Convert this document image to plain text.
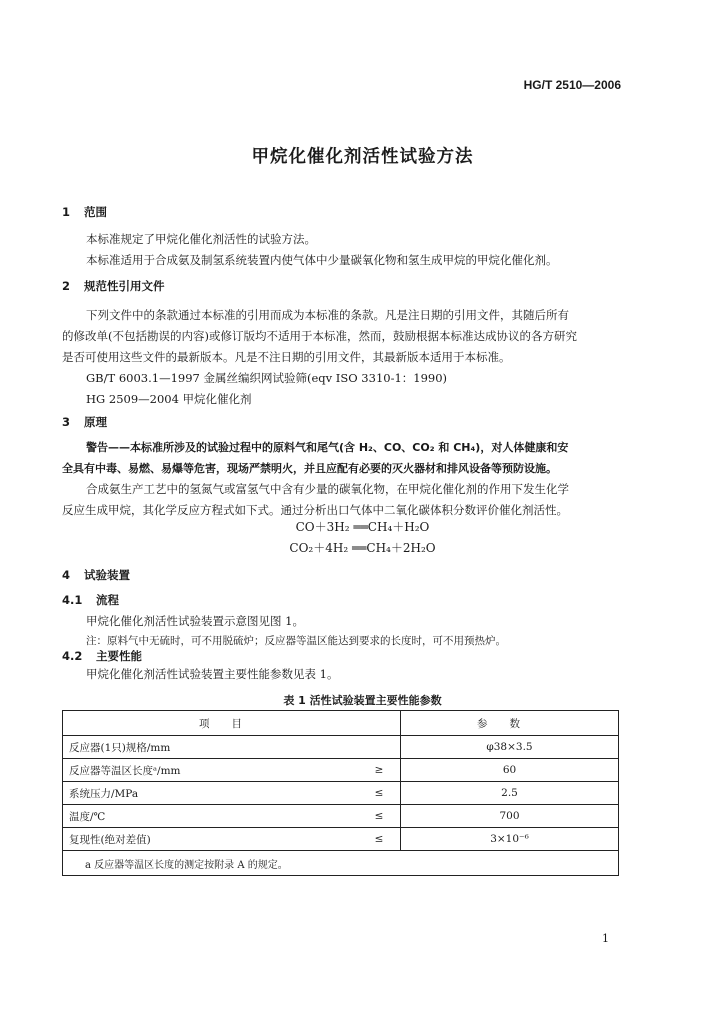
HG/T 2510—2006
甲烷化催化剂活性试验方法
1 范围
本标准规定了甲烷化催化剂活性的试验方法。
本标准适用于合成氨及制氢系统装置内使气体中少量碳氧化物和氢生成甲烷的甲烷化催化剂。
2 规范性引用文件
下列文件中的条款通过本标准的引用而成为本标准的条款。凡是注日期的引用文件，其随后所有
的修改单(不包括勘误的内容)或修订版均不适用于本标准，然而，鼓励根据本标准达成协议的各方研究
是否可使用这些文件的最新版本。凡是不注日期的引用文件，其最新版本适用于本标准。
GB/T 6003.1—1997 金属丝编织网试验筛(eqv ISO 3310-1：1990)
HG 2509—2004 甲烷化催化剂
3 原理
警告——本标准所涉及的试验过程中的原料气和尾气(含 H₂、CO、CO₂ 和 CH₄)，对人体健康和安
全具有中毒、易燃、易爆等危害，现场严禁明火，并且应配有必要的灭火器材和排风设备等预防设施。
合成氨生产工艺中的氢氮气或富氢气中含有少量的碳氧化物，在甲烷化催化剂的作用下发生化学
反应生成甲烷，其化学反应方程式如下式。通过分析出口气体中二氧化碳体积分数评价催化剂活性。
CO＋3H₂ ══CH₄＋H₂O
CO₂＋4H₂ ══CH₄＋2H₂O
4 试验装置
4.1 流程
甲烷化催化剂活性试验装置示意图见图 1。
注：原料气中无硫时，可不用脱硫炉；反应器等温区能达到要求的长度时，可不用预热炉。
4.2 主要性能
甲烷化催化剂活性试验装置主要性能参数见表 1。
表 1 活性试验装置主要性能参数
项目		参数
反应器(1只)规格/mm		φ38×3.5
反应器等温区长度ᵃ/mm	≥	60
系统压力/MPa	≤	2.5
温度/℃	≤	700
复现性(绝对差值)	≤	3×10⁻⁶
a 反应器等温区长度的测定按附录 A 的规定。		
1
